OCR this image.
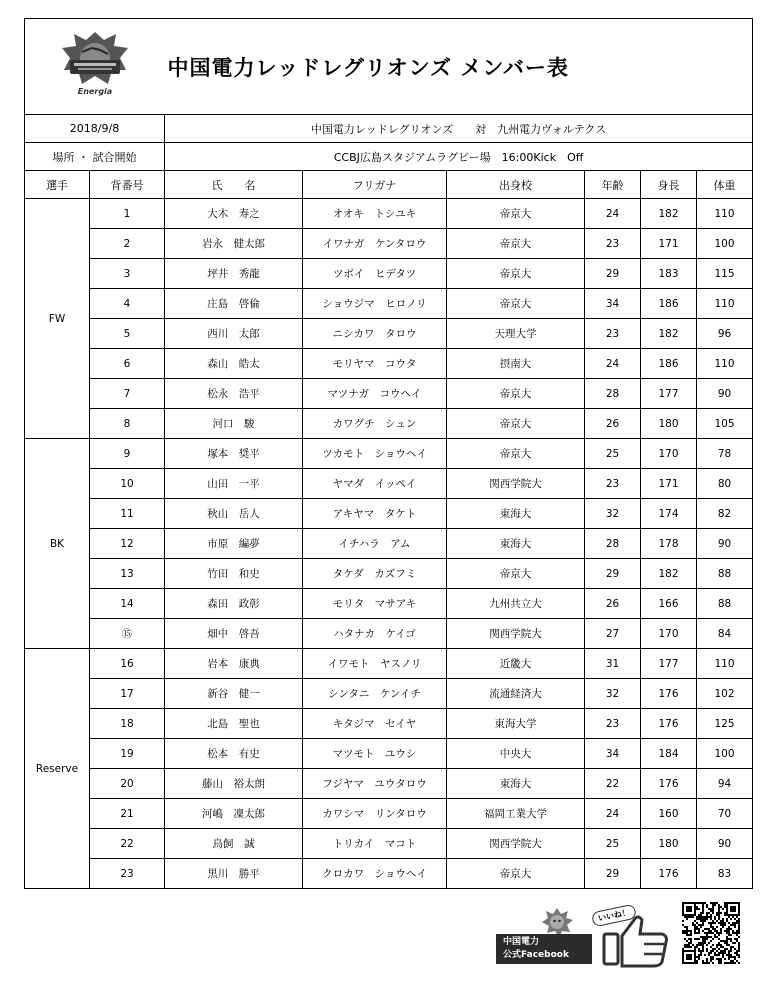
Energia		中国電力レッドレグリオンズ メンバー表					
2018/9/8		中国電力レッドレグリオンズ　　対　九州電力ヴォルテクス					
場所 ・ 試合開始		CCBJ広島スタジアムラグビー場　16:00Kick　Off					
選手	背番号	氏　　名	フリガナ	出身校	年齢	身長	体重
FW	1	大木　寿之	オオキ　トシユキ	帝京大	24	182	110
	2	岩永　健太郎	イワナガ　ケンタロウ	帝京大	23	171	100
	3	坪井　秀龍	ツボイ　ヒデタツ	帝京大	29	183	115
	4	庄島　啓倫	ショウジマ　ヒロノリ	帝京大	34	186	110
	5	西川　太郎	ニシカワ　タロウ	天理大学	23	182	96
	6	森山　皓太	モリヤマ　コウタ	摂南大	24	186	110
	7	松永　浩平	マツナガ　コウヘイ	帝京大	28	177	90
	8	河口　駿	カワグチ　シュン	帝京大	26	180	105
BK	9	塚本　奨平	ツカモト　ショウヘイ	帝京大	25	170	78
	10	山田　一平	ヤマダ　イッペイ	関西学院大	23	171	80
	11	秋山　岳人	アキヤマ　タケト	東海大	32	174	82
	12	市原　編夢	イチハラ　アム	東海大	28	178	90
	13	竹田　和史	タケダ　カズフミ	帝京大	29	182	88
	14	森田　政彰	モリタ　マサアキ	九州共立大	26	166	88
	⑮	畑中　啓吾	ハタナカ　ケイゴ	関西学院大	27	170	84
Reserve	16	岩本　康典	イワモト　ヤスノリ	近畿大	31	177	110
	17	新谷　健一	シンタニ　ケンイチ	流通経済大	32	176	102
	18	北島　聖也	キタジマ　セイヤ	東海大学	23	176	125
	19	松本　有史	マツモト　ユウシ	中央大	34	184	100
	20	藤山　裕太朗	フジヤマ　ユウタロウ	東海大	22	176	94
	21	河嶋　凜太郎	カワシマ　リンタロウ	福岡工業大学	24	160	70
	22	鳥飼　誠	トリカイ　マコト	関西学院大	25	180	90
	23	黒川　勝平	クロカワ　ショウヘイ	帝京大	29	176	83
中国電力
公式Facebook
いいね！
